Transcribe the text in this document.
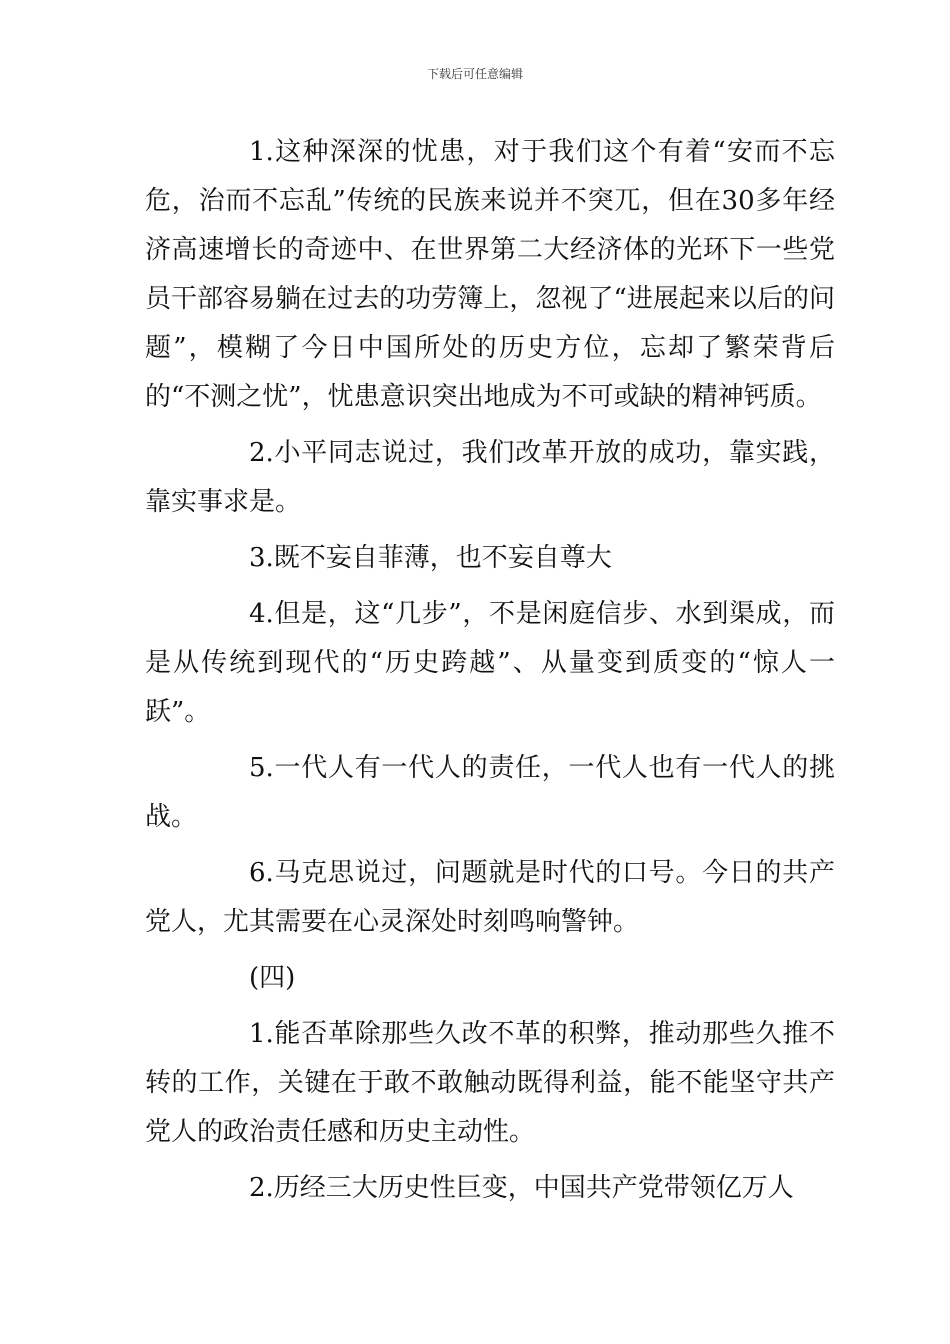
下载后可任意编辑

1.这种深深的忧患，对于我们这个有着“安而不忘危，治而不忘乱”传统的民族来说并不突兀，但在30多年经济高速增长的奇迹中、在世界第二大经济体的光环下一些党员干部容易躺在过去的功劳簿上，忽视了“进展起来以后的问题”，模糊了今日中国所处的历史方位，忘却了繁荣背后的“不测之忧”，忧患意识突出地成为不可或缺的精神钙质。

2.小平同志说过，我们改革开放的成功，靠实践，靠实事求是。

3.既不妄自菲薄，也不妄自尊大

4.但是，这“几步”，不是闲庭信步、水到渠成，而是从传统到现代的“历史跨越”、从量变到质变的“惊人一跃”。

5.一代人有一代人的责任，一代人也有一代人的挑战。

6.马克思说过，问题就是时代的口号。今日的共产党人，尤其需要在心灵深处时刻鸣响警钟。

(四)

1.能否革除那些久改不革的积弊，推动那些久推不转的工作，关键在于敢不敢触动既得利益，能不能坚守共产党人的政治责任感和历史主动性。

2.历经三大历史性巨变，中国共产党带领亿万人
